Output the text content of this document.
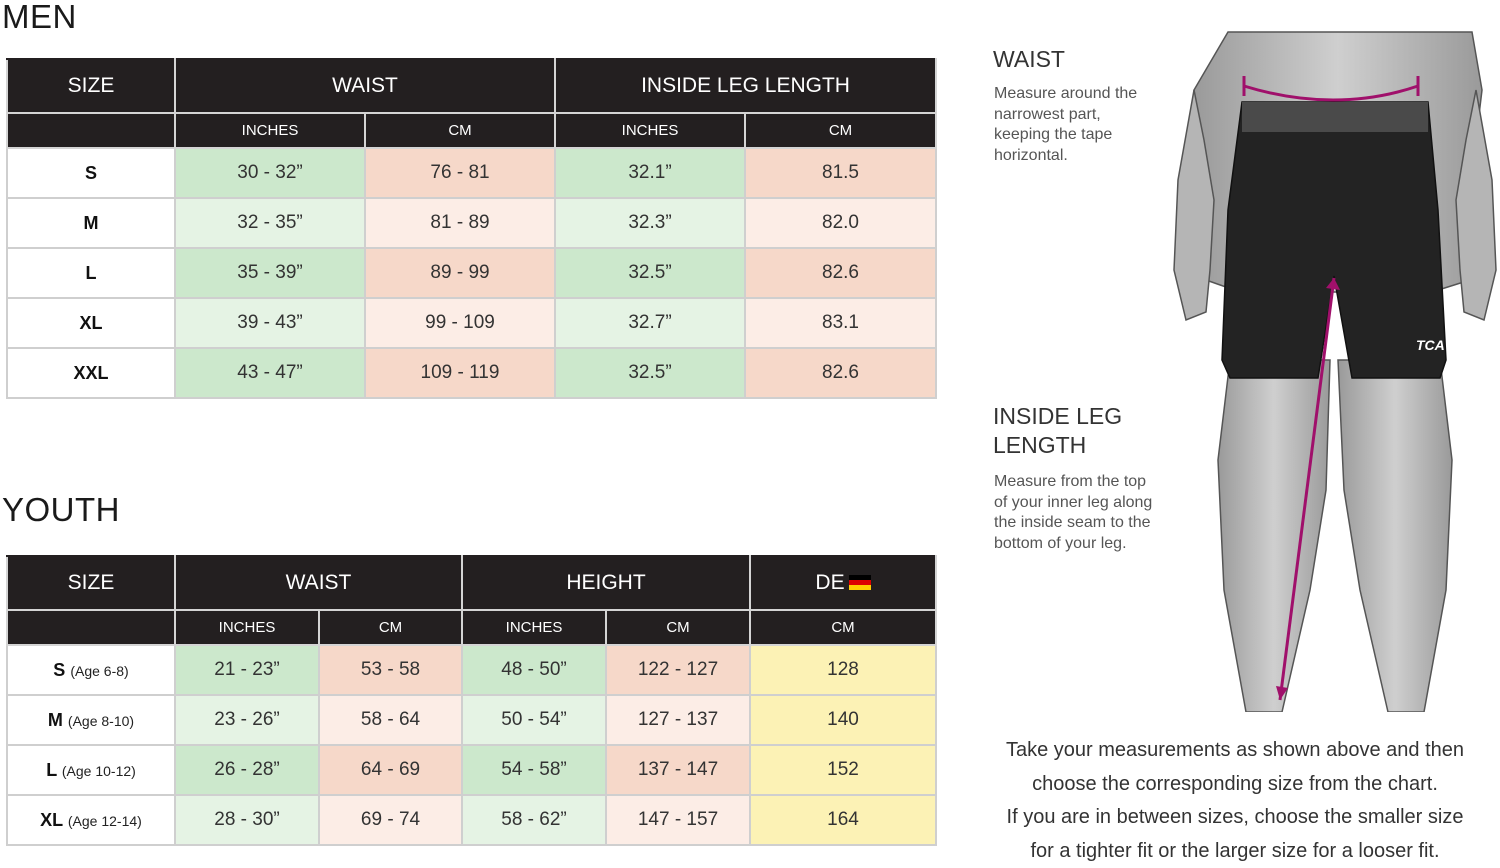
MEN
SIZE	WAIST		INSIDE LEG LENGTH	
	INCHES	CM	INCHES	CM
S	30 - 32”	76 - 81	32.1”	81.5
M	32 - 35”	81 - 89	32.3”	82.0
L	35 - 39”	89 - 99	32.5”	82.6
XL	39 - 43”	99 - 109	32.7”	83.1
XXL	43 - 47”	109 - 119	32.5”	82.6
YOUTH
SIZE	WAIST		HEIGHT		DE
	INCHES	CM	INCHES	CM	CM
S (Age 6-8)	21 - 23”	53 - 58	48 - 50”	122 - 127	128
M (Age 8-10)	23 - 26”	58 - 64	50 - 54”	127 - 137	140
L (Age 10-12)	26 - 28”	64 - 69	54 - 58”	137 - 147	152
XL (Age 12-14)	28 - 30”	69 - 74	58 - 62”	147 - 157	164
WAIST
Measure around the narrowest part, keeping the tape horizontal.
INSIDE LEG
LENGTH
Measure from the top of your inner leg along the inside seam to the bottom of your leg.
TCA
Take your measurements as shown above and then
choose the corresponding size from the chart.
If you are in between sizes, choose the smaller size
for a tighter fit or the larger size for a looser fit.
